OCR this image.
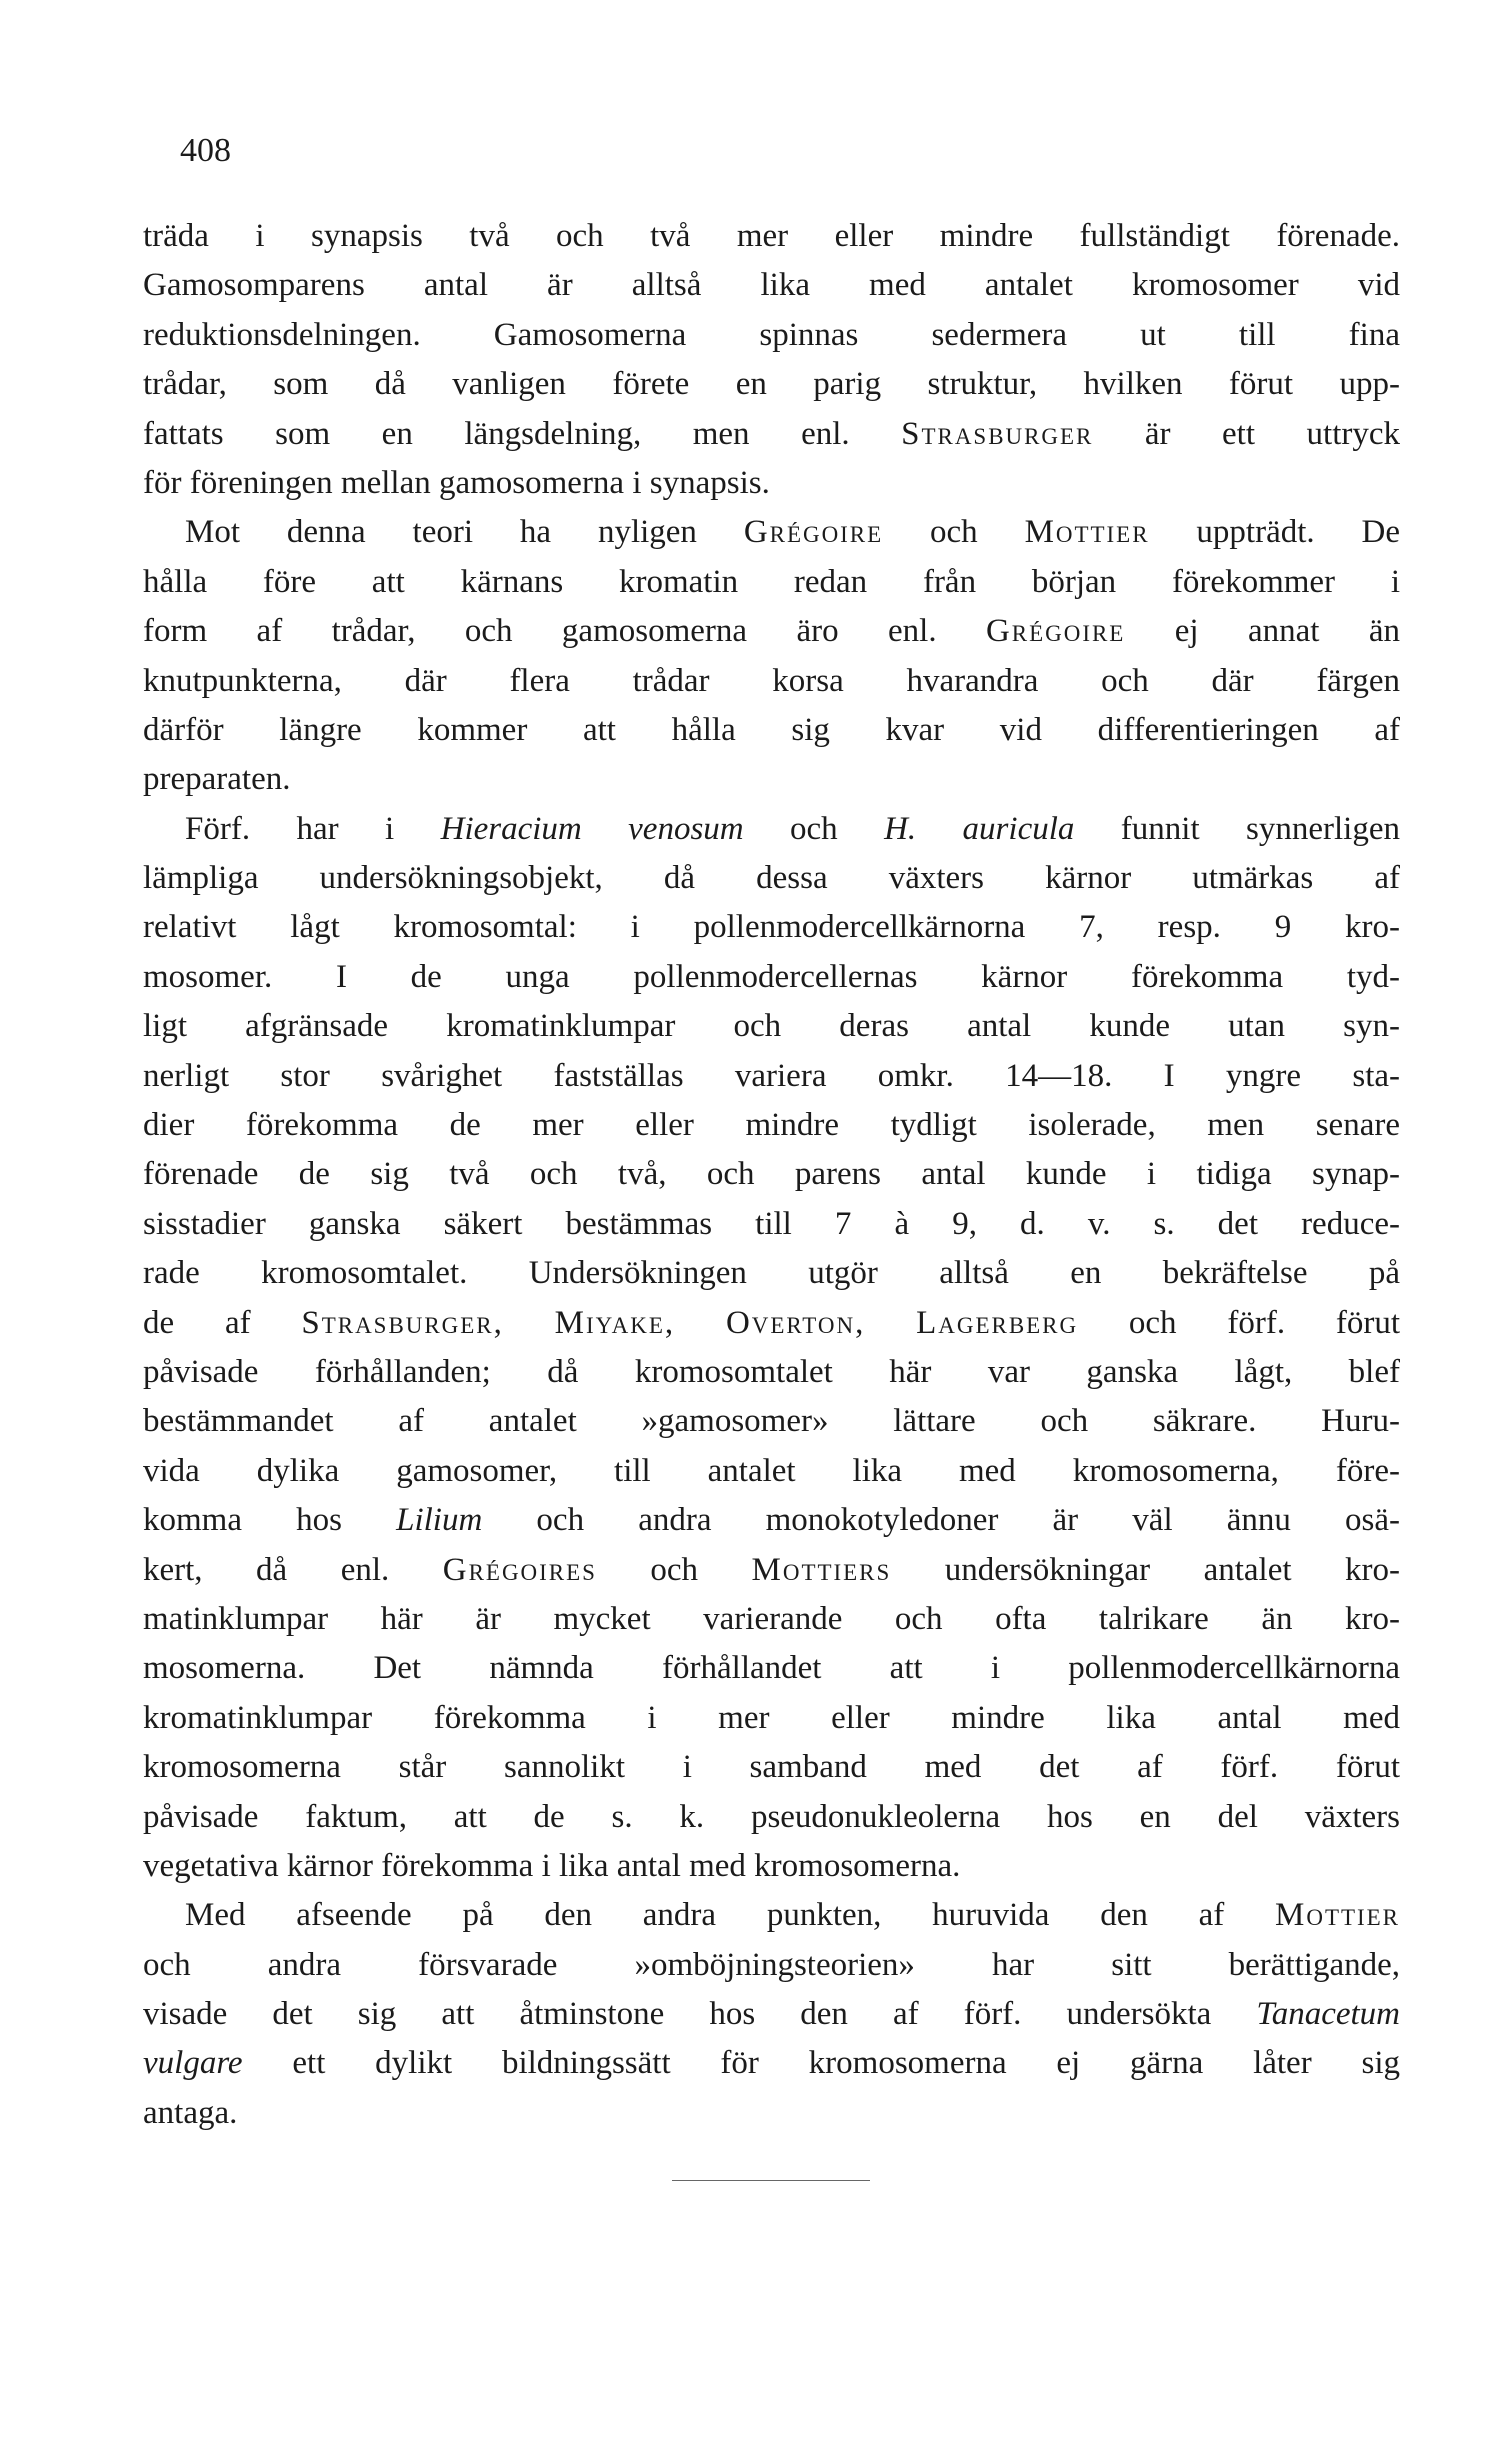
408
träda i synapsis två och två mer eller mindre fullständigt förenade.
Gamosomparens antal är alltså lika med antalet kromosomer vid
reduktionsdelningen. Gamosomerna spinnas sedermera ut till fina
trådar, som då vanligen förete en parig struktur, hvilken förut upp-
fattats som en längsdelning, men enl. Strasburger är ett uttryck
för föreningen mellan gamosomerna i synapsis.
Mot denna teori ha nyligen Grégoire och Mottier uppträdt. De
hålla före att kärnans kromatin redan från början förekommer i
form af trådar, och gamosomerna äro enl. Grégoire ej annat än
knutpunkterna, där flera trådar korsa hvarandra och där färgen
därför längre kommer att hålla sig kvar vid differentieringen af
preparaten.
Förf. har i Hieracium venosum och H. auricula funnit synnerligen
lämpliga undersökningsobjekt, då dessa växters kärnor utmärkas af
relativt lågt kromosomtal: i pollenmodercellkärnorna 7, resp. 9 kro-
mosomer. I de unga pollenmodercellernas kärnor förekomma tyd-
ligt afgränsade kromatinklumpar och deras antal kunde utan syn-
nerligt stor svårighet fastställas variera omkr. 14—18. I yngre sta-
dier förekomma de mer eller mindre tydligt isolerade, men senare
förenade de sig två och två, och parens antal kunde i tidiga synap-
sisstadier ganska säkert bestämmas till 7 à 9, d. v. s. det reduce-
rade kromosomtalet. Undersökningen utgör alltså en bekräftelse på
de af Strasburger, Miyake, Overton, Lagerberg och förf. förut
påvisade förhållanden; då kromosomtalet här var ganska lågt, blef
bestämmandet af antalet »gamosomer» lättare och säkrare. Huru-
vida dylika gamosomer, till antalet lika med kromosomerna, före-
komma hos Lilium och andra monokotyledoner är väl ännu osä-
kert, då enl. Grégoires och Mottiers undersökningar antalet kro-
matinklumpar här är mycket varierande och ofta talrikare än kro-
mosomerna. Det nämnda förhållandet att i pollenmodercellkärnorna
kromatinklumpar förekomma i mer eller mindre lika antal med
kromosomerna står sannolikt i samband med det af förf. förut
påvisade faktum, att de s. k. pseudonukleolerna hos en del växters
vegetativa kärnor förekomma i lika antal med kromosomerna.
Med afseende på den andra punkten, huruvida den af Mottier
och andra försvarade »omböjningsteorien» har sitt berättigande,
visade det sig att åtminstone hos den af förf. undersökta Tanacetum
vulgare ett dylikt bildningssätt för kromosomerna ej gärna låter sig
antaga.
